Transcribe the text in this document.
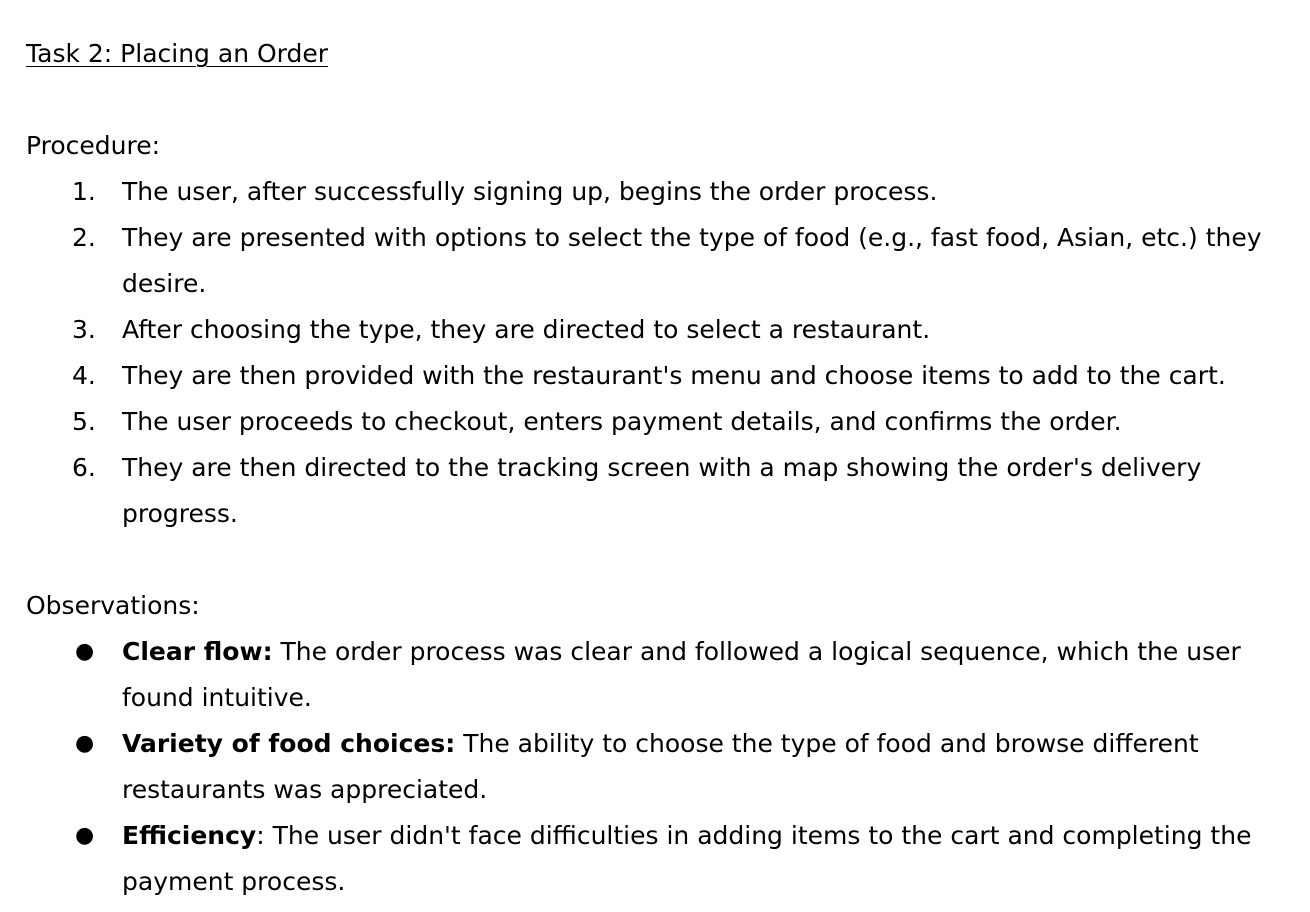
Task 2: Placing an Order

Procedure:

1.	The user, after successfully signing up, begins the order process.
2.	They are presented with options to select the type of food (e.g., fast food, Asian, etc.) they desire.
3.	After choosing the type, they are directed to select a restaurant.
4.	They are then provided with the restaurant's menu and choose items to add to the cart.
5.	The user proceeds to checkout, enters payment details, and confirms the order.
6.	They are then directed to the tracking screen with a map showing the order's delivery progress.

Observations:

● Clear flow: The order process was clear and followed a logical sequence, which the user found intuitive.
● Variety of food choices: The ability to choose the type of food and browse different restaurants was appreciated.
● Efficiency: The user didn't face difficulties in adding items to the cart and completing the payment process.
